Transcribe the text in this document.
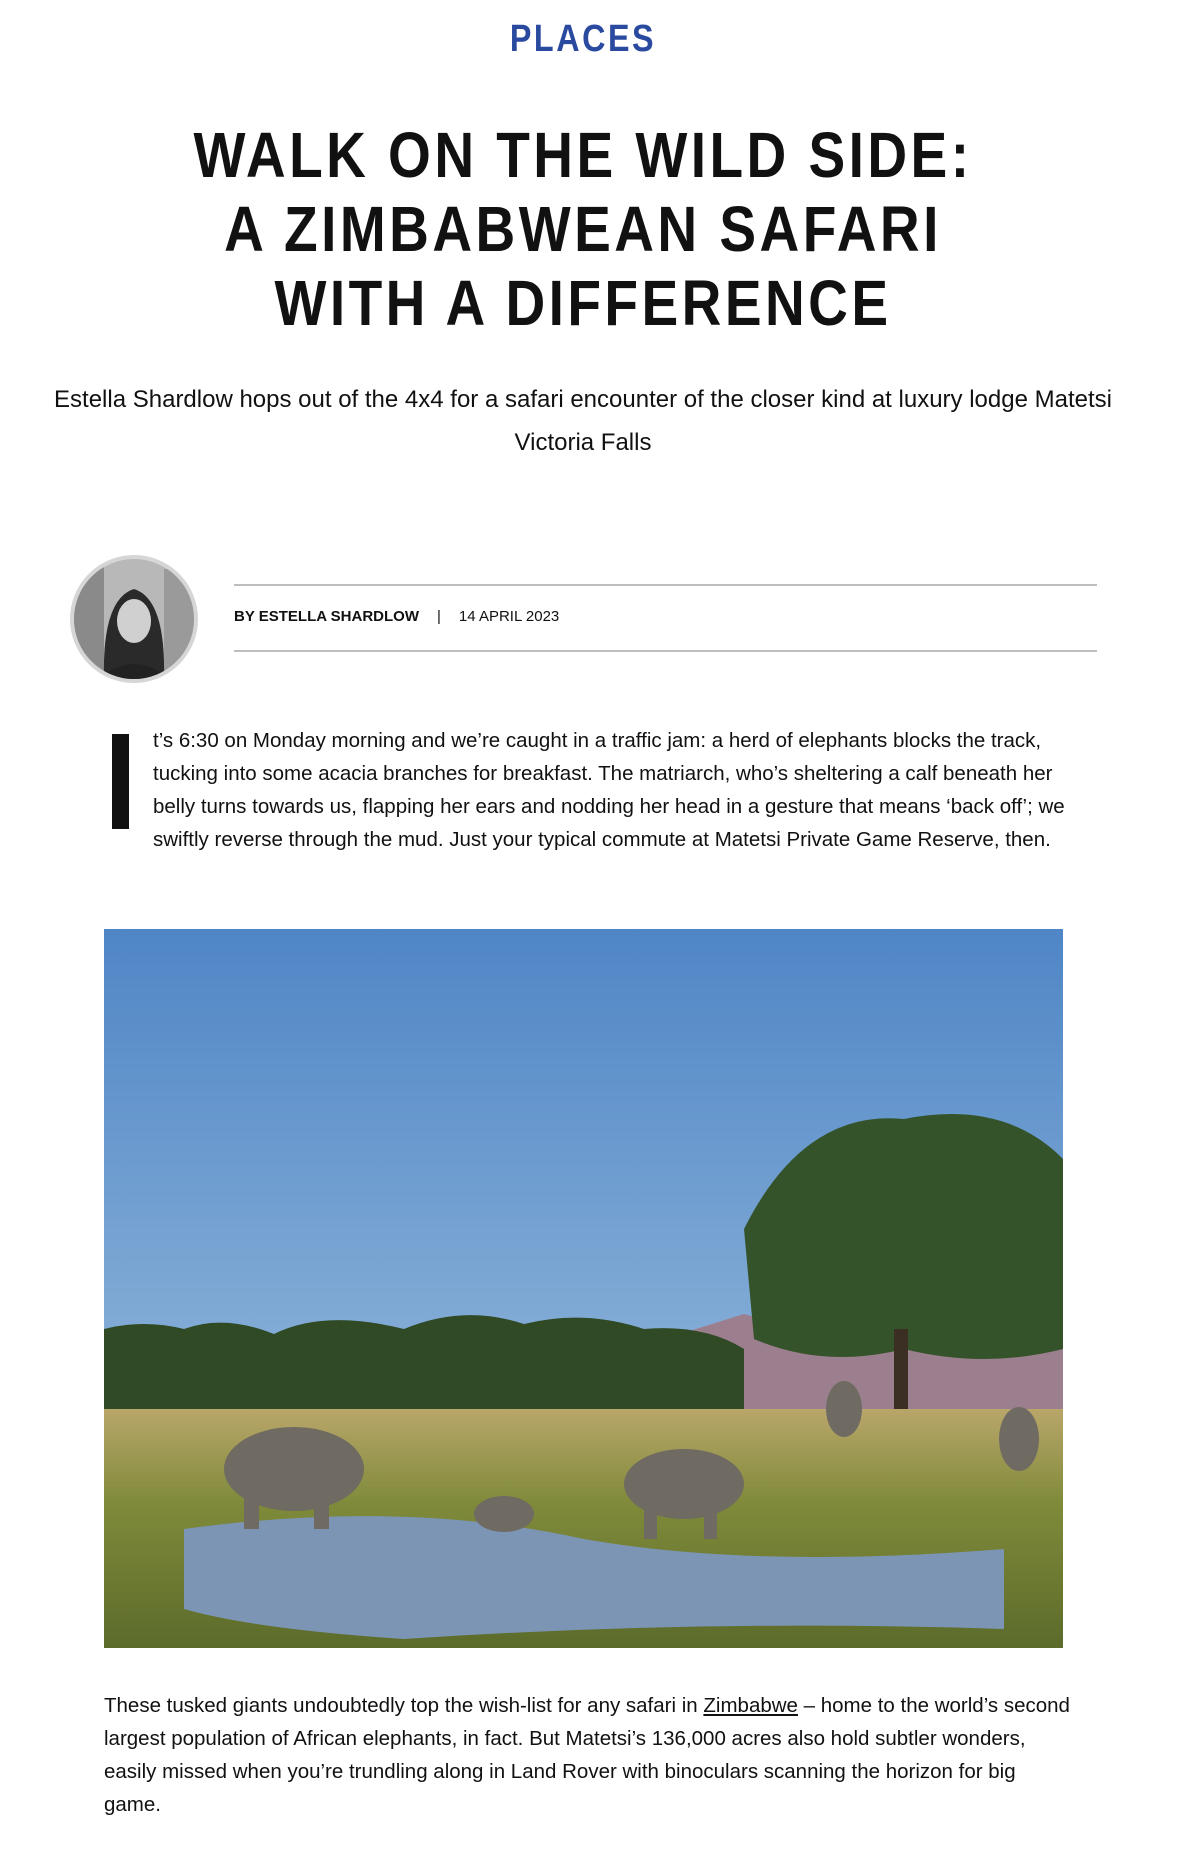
PLACES
WALK ON THE WILD SIDE: A ZIMBABWEAN SAFARI WITH A DIFFERENCE

Estella Shardlow hops out of the 4x4 for a safari encounter of the closer kind at luxury lodge Matetsi Victoria Falls

BY ESTELLA SHARDLOW | 14 APRIL 2023

t’s 6:30 on Monday morning and we’re caught in a traffic jam: a herd of elephants blocks the track, tucking into some acacia branches for breakfast. The matriarch, who’s sheltering a calf beneath her belly turns towards us, flapping her ears and nodding her head in a gesture that means ‘back off’; we swiftly reverse through the mud. Just your typical commute at Matetsi Private Game Reserve, then.

These tusked giants undoubtedly top the wish-list for any safari in Zimbabwe – home to the world’s second largest population of African elephants, in fact. But Matetsi’s 136,000 acres also hold subtler wonders, easily missed when you’re trundling along in Land Rover with binoculars scanning the horizon for big game.
